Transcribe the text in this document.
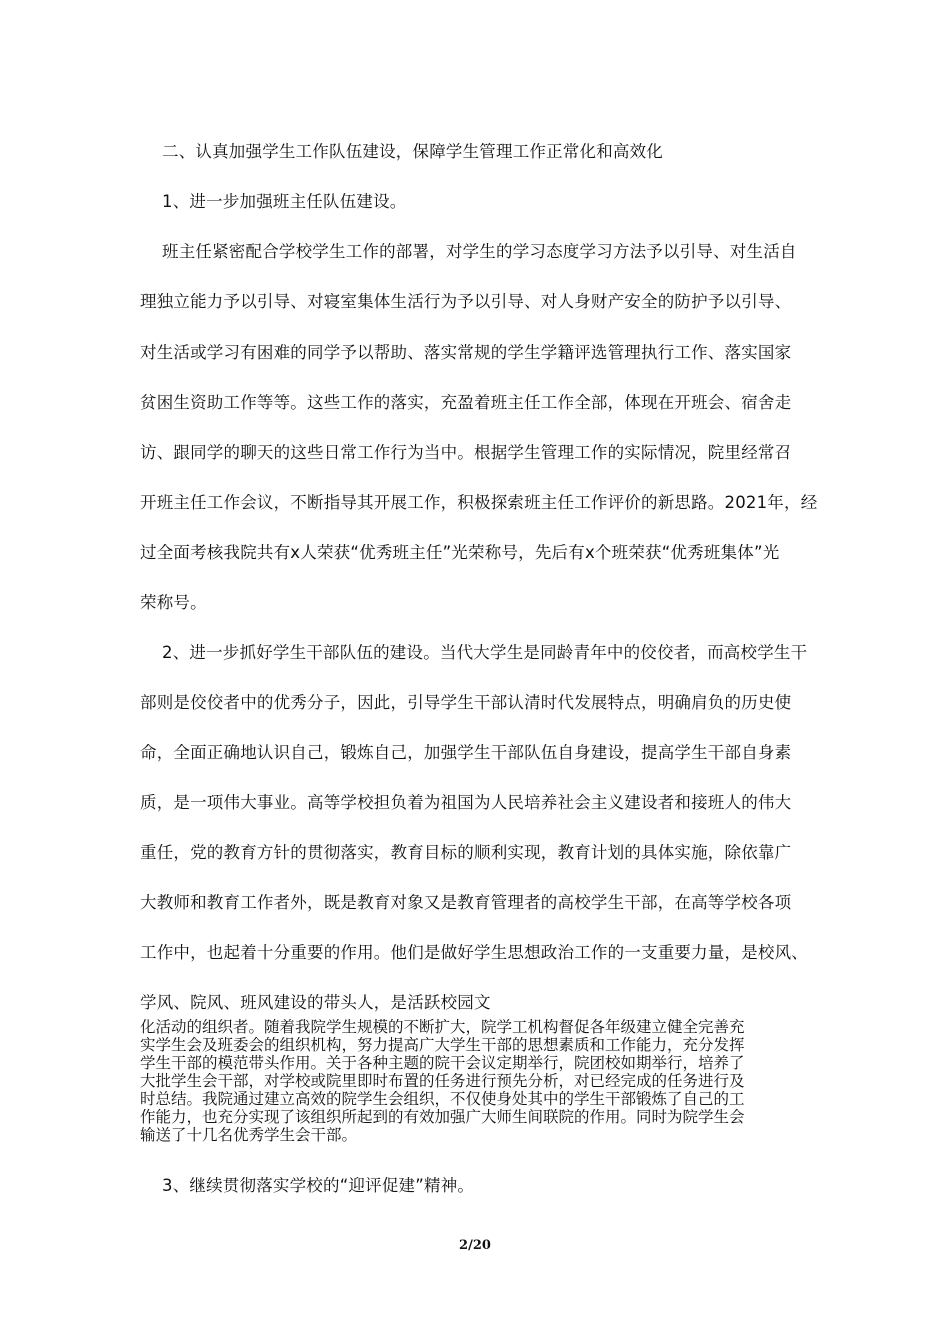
二、认真加强学生工作队伍建设，保障学生管理工作正常化和高效化
1、进一步加强班主任队伍建设。
班主任紧密配合学校学生工作的部署，对学生的学习态度学习方法予以引导、对生活自
理独立能力予以引导、对寝室集体生活行为予以引导、对人身财产安全的防护予以引导、
对生活或学习有困难的同学予以帮助、落实常规的学生学籍评选管理执行工作、落实国家
贫困生资助工作等等。这些工作的落实，充盈着班主任工作全部，体现在开班会、宿舍走
访、跟同学的聊天的这些日常工作行为当中。根据学生管理工作的实际情况，院里经常召
开班主任工作会议，不断指导其开展工作，积极探索班主任工作评价的新思路。2021年，经
过全面考核我院共有x人荣获“优秀班主任”光荣称号，先后有x个班荣获“优秀班集体”光
荣称号。
2、进一步抓好学生干部队伍的建设。当代大学生是同龄青年中的佼佼者，而高校学生干
部则是佼佼者中的优秀分子，因此，引导学生干部认清时代发展特点，明确肩负的历史使
命，全面正确地认识自己，锻炼自己，加强学生干部队伍自身建设，提高学生干部自身素
质，是一项伟大事业。高等学校担负着为祖国为人民培养社会主义建设者和接班人的伟大
重任，党的教育方针的贯彻落实，教育目标的顺利实现，教育计划的具体实施，除依靠广
大教师和教育工作者外，既是教育对象又是教育管理者的高校学生干部，在高等学校各项
工作中，也起着十分重要的作用。他们是做好学生思想政治工作的一支重要力量，是校风、
学风、院风、班风建设的带头人，是活跃校园文
化活动的组织者。随着我院学生规模的不断扩大，院学工机构督促各年级建立健全完善充
实学生会及班委会的组织机构，努力提高广大学生干部的思想素质和工作能力，充分发挥
学生干部的模范带头作用。关于各种主题的院干会议定期举行，院团校如期举行，培养了
大批学生会干部，对学校或院里即时布置的任务进行预先分析，对已经完成的任务进行及
时总结。我院通过建立高效的院学生会组织，不仅使身处其中的学生干部锻炼了自己的工
作能力，也充分实现了该组织所起到的有效加强广大师生间联院的作用。同时为院学生会
输送了十几名优秀学生会干部。
3、继续贯彻落实学校的“迎评促建”精神。
2/20
